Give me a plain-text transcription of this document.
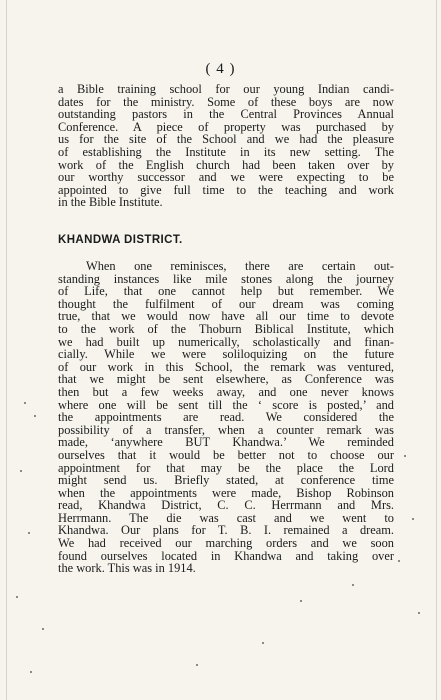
( 4 )
a Bible training school for our young Indian candi-
dates for the ministry. Some of these boys are now
outstanding pastors in the Central Provinces Annual
Conference. A piece of property was purchased by
us for the site of the School and we had the pleasure
of establishing the Institute in its new setting. The
work of the English church had been taken over by
our worthy successor and we were expecting to be
appointed to give full time to the teaching and work
in the Bible Institute.
KHANDWA DISTRICT.
When one reminisces, there are certain out-
standing instances like mile stones along the journey
of Life, that one cannot help but remember. We
thought the fulfilment of our dream was coming
true, that we would now have all our time to devote
to the work of the Thoburn Biblical Institute, which
we had built up numerically, scholastically and finan-
cially. While we were soliloquizing on the future
of our work in this School, the remark was ventured,
that we might be sent elsewhere, as Conference was
then but a few weeks away, and one never knows
where one will be sent till the ‘ score is posted,’ and
the appointments are read. We considered the
possibility of a transfer, when a counter remark was
made, ‘anywhere BUT Khandwa.’ We reminded
ourselves that it would be better not to choose our
appointment for that may be the place the Lord
might send us. Briefly stated, at conference time
when the appointments were made, Bishop Robinson
read, Khandwa District, C. C. Herrmann and Mrs.
Herrmann. The die was cast and we went to
Khandwa. Our plans for T. B. I. remained a dream.
We had received our marching orders and we soon
found ourselves located in Khandwa and taking over
the work. This was in 1914.
